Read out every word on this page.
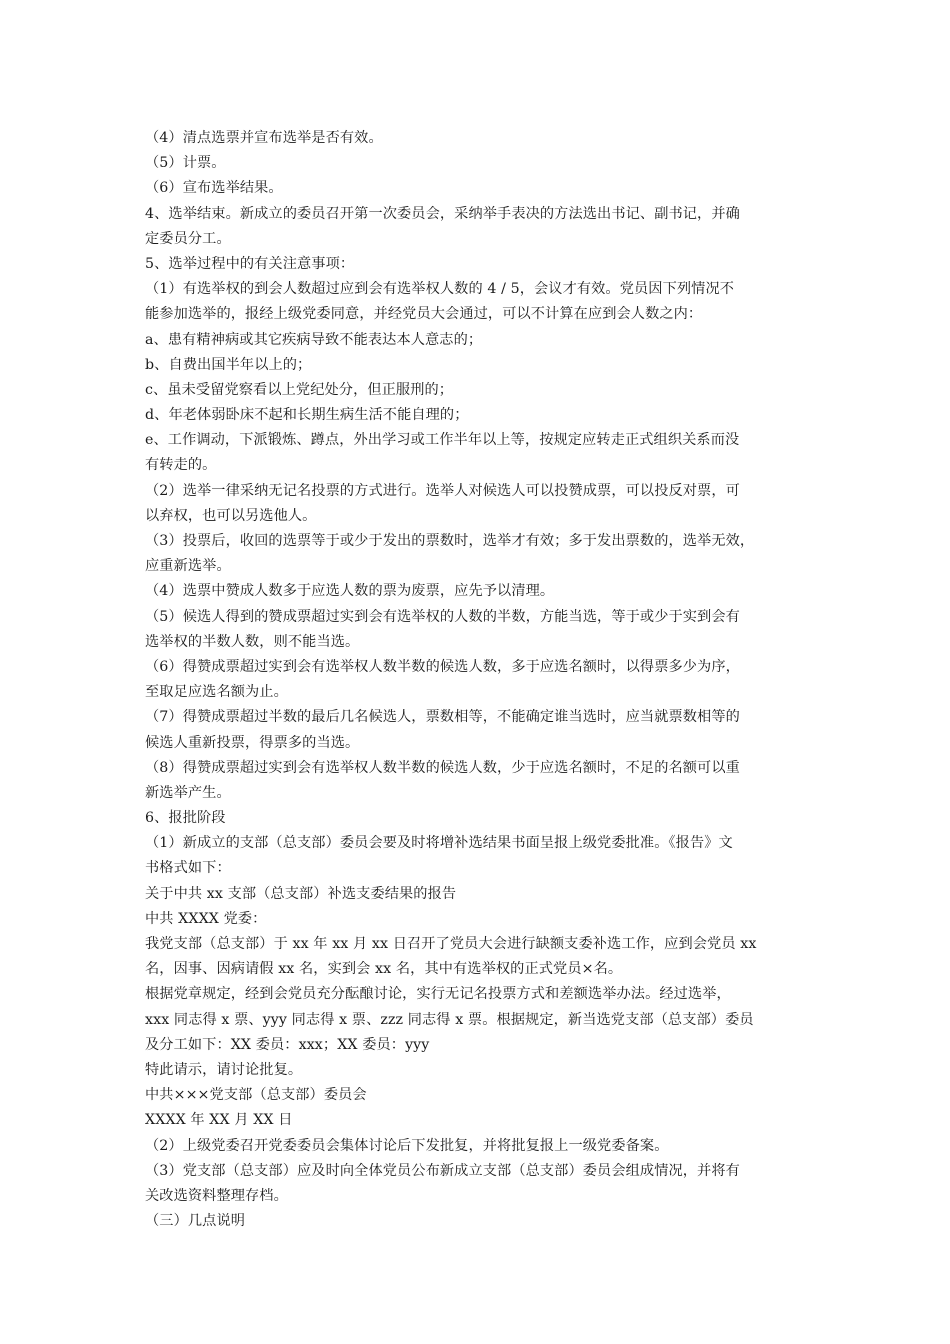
（4）清点选票并宣布选举是否有效。
（5）计票。
（6）宣布选举结果。
4、选举结束。新成立的委员召开第一次委员会，采纳举手表决的方法选出书记、副书记，并确
定委员分工。
5、选举过程中的有关注意事项：
（1）有选举权的到会人数超过应到会有选举权人数的 4 / 5，会议才有效。党员因下列情况不
能参加选举的，报经上级党委同意，并经党员大会通过，可以不计算在应到会人数之内：
a、患有精神病或其它疾病导致不能表达本人意志的；
b、自费出国半年以上的；
c、虽未受留党察看以上党纪处分，但正服刑的；
d、年老体弱卧床不起和长期生病生活不能自理的；
e、工作调动，下派锻炼、蹲点，外出学习或工作半年以上等，按规定应转走正式组织关系而没
有转走的。
（2）选举一律采纳无记名投票的方式进行。选举人对候选人可以投赞成票，可以投反对票，可
以弃权，也可以另选他人。
（3）投票后，收回的选票等于或少于发出的票数时，选举才有效；多于发出票数的，选举无效，
应重新选举。
（4）选票中赞成人数多于应选人数的票为废票，应先予以清理。
（5）候选人得到的赞成票超过实到会有选举权的人数的半数，方能当选，等于或少于实到会有
选举权的半数人数，则不能当选。
（6）得赞成票超过实到会有选举权人数半数的候选人数，多于应选名额时，以得票多少为序，
至取足应选名额为止。
（7）得赞成票超过半数的最后几名候选人，票数相等，不能确定谁当选时，应当就票数相等的
候选人重新投票，得票多的当选。
（8）得赞成票超过实到会有选举权人数半数的候选人数，少于应选名额时，不足的名额可以重
新选举产生。
6、报批阶段
（1）新成立的支部（总支部）委员会要及时将增补选结果书面呈报上级党委批准。《报告》文
书格式如下：
关于中共 xx 支部（总支部）补选支委结果的报告
中共 XXXX 党委：
我党支部（总支部）于 xx 年 xx 月 xx 日召开了党员大会进行缺额支委补选工作，应到会党员 xx
名，因事、因病请假 xx 名，实到会 xx 名，其中有选举权的正式党员×名。
根据党章规定，经到会党员充分酝酿讨论，实行无记名投票方式和差额选举办法。经过选举，
xxx 同志得 x 票、yyy 同志得 x 票、zzz 同志得 x 票。根据规定，新当选党支部（总支部）委员
及分工如下：XX 委员：xxx；XX 委员：yyy
特此请示，请讨论批复。
中共×××党支部（总支部）委员会
XXXX 年 XX 月 XX 日
（2）上级党委召开党委委员会集体讨论后下发批复，并将批复报上一级党委备案。
（3）党支部（总支部）应及时向全体党员公布新成立支部（总支部）委员会组成情况，并将有
关改选资料整理存档。
（三）几点说明
